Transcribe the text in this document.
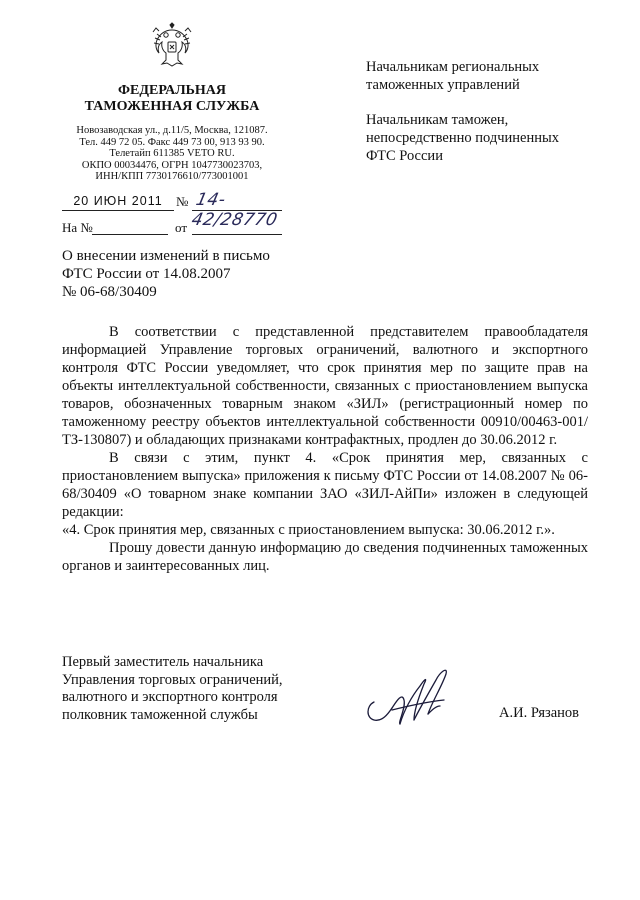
ФЕДЕРАЛЬНАЯ
ТАМОЖЕННАЯ СЛУЖБА
Новозаводская ул., д.11/5, Москва, 121087.
Тел. 449 72 05. Факс 449 73 00, 913 93 90.
Телетайп 611385 VETO RU.
ОКПО 00034476, ОГРН 1047730023703,
ИНН/КПП 7730176610/773001001
Начальникам региональных
таможенных управлений
Начальникам таможен,
непосредственно подчиненных
ФТС России
20 ИЮН 2011	№ 14-42/28770
На №	от
О внесении изменений в письмо
ФТС России от 14.08.2007
№ 06-68/30409

В соответствии с представленной представителем правообладателя информацией Управление торговых ограничений, валютного и экспортного контроля ФТС России уведомляет, что срок принятия мер по защите прав на объекты интеллектуальной собственности, связанных с приостановлением выпуска товаров, обозначенных товарным знаком «ЗИЛ» (регистрационный номер по таможенному реестру объектов интеллектуальной собственности 00910/00463-001/ТЗ-130807) и обладающих признаками контрафактных, продлен до 30.06.2012 г.

В связи с этим, пункт 4. «Срок принятия мер, связанных с приостановлением выпуска» приложения к письму ФТС России от 14.08.2007 № 06-68/30409 «О товарном знаке компании ЗАО «ЗИЛ-АйПи» изложен в следующей редакции:

«4. Срок принятия мер, связанных с приостановлением выпуска: 30.06.2012 г.».

Прошу довести данную информацию до сведения подчиненных таможенных органов и заинтересованных лиц.

Первый заместитель начальника
Управления торговых ограничений,
валютного и экспортного контроля
полковник таможенной службы	А.И. Рязанов
